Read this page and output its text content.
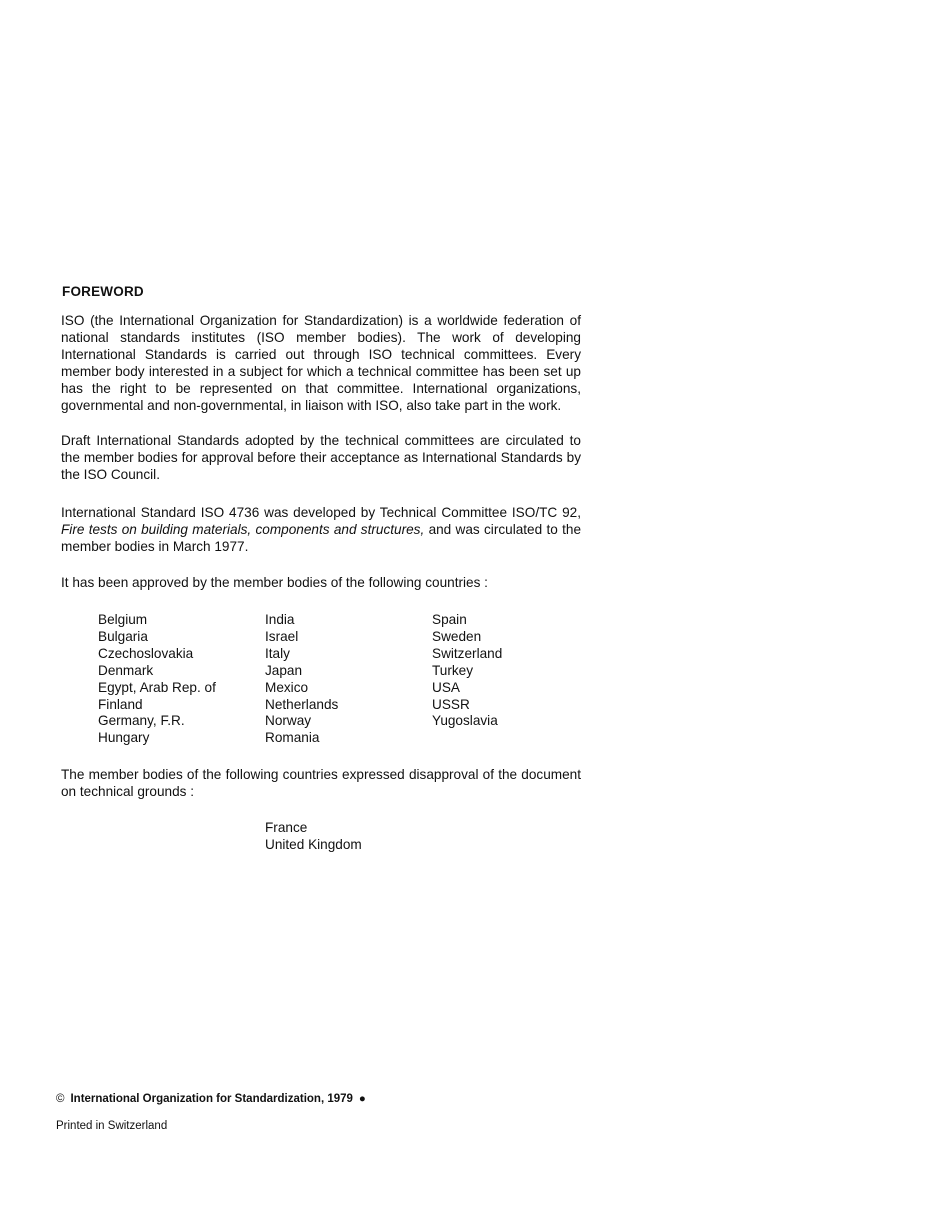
FOREWORD

ISO (the International Organization for Standardization) is a worldwide federation of national standards institutes (ISO member bodies). The work of developing International Standards is carried out through ISO technical committees. Every member body interested in a subject for which a technical committee has been set up has the right to be represented on that committee. International organizations, governmental and non-governmental, in liaison with ISO, also take part in the work.

Draft International Standards adopted by the technical committees are circulated to the member bodies for approval before their acceptance as International Standards by the ISO Council.

International Standard ISO 4736 was developed by Technical Committee ISO/TC 92, Fire tests on building materials, components and structures, and was circulated to the member bodies in March 1977.

It has been approved by the member bodies of the following countries :

Belgium
Bulgaria
Czechoslovakia
Denmark
Egypt, Arab Rep. of
Finland
Germany, F.R.
Hungary
India
Israel
Italy
Japan
Mexico
Netherlands
Norway
Romania
Spain
Sweden
Switzerland
Turkey
USA
USSR
Yugoslavia

The member bodies of the following countries expressed disapproval of the document on technical grounds :

France
United Kingdom
© International Organization for Standardization, 1979 ●
Printed in Switzerland
